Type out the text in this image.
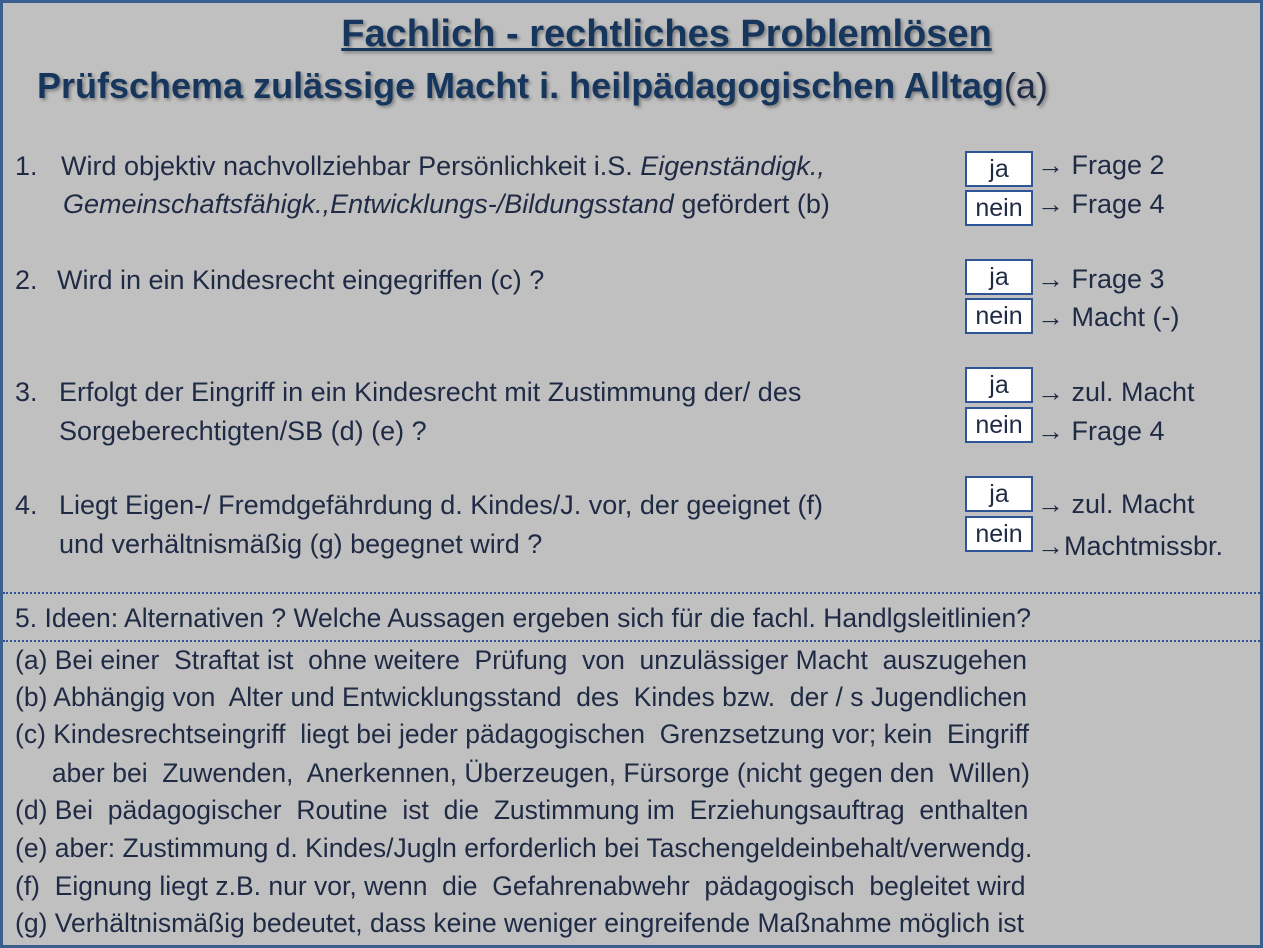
Fachlich - rechtliches Problemlösen
Prüfschema zulässige Macht i. heilpädagogischen Alltag(a)
1. Wird objektiv nachvollziehbar Persönlichkeit i.S. Eigenständigk.,
Gemeinschaftsfähigk.,Entwicklungs-/Bildungsstand gefördert (b)
ja
nein
→ Frage 2
→ Frage 4
2. Wird in ein Kindesrecht eingegriffen (c) ?	ja
nein
→ Frage 3
→ Macht (-)
3. Erfolgt der Eingriff in ein Kindesrecht mit Zustimmung der/ des
Sorgeberechtigten/SB (d) (e) ?
ja
nein
→ zul. Macht
→ Frage 4
4. Liegt Eigen-/ Fremdgefährdung d. Kindes/J. vor, der geeignet (f)
und verhältnismäßig (g) begegnet wird ?
ja
nein
→ zul. Macht
→Machtmissbr.
5. Ideen: Alternativen ? Welche Aussagen ergeben sich für die fachl. Handlgsleitlinien?
(a) Bei einer  Straftat ist  ohne weitere  Prüfung  von  unzulässiger Macht  auszugehen
(b) Abhängig von  Alter und Entwicklungsstand  des  Kindes bzw.  der / s Jugendlichen
(c) Kindesrechtseingriff  liegt bei jeder pädagogischen  Grenzsetzung vor; kein  Eingriff
aber bei  Zuwenden,  Anerkennen, Überzeugen, Fürsorge (nicht gegen den  Willen)
(d) Bei  pädagogischer  Routine  ist  die  Zustimmung im  Erziehungsauftrag  enthalten
(e) aber: Zustimmung d. Kindes/Jugln erforderlich bei Taschengeldeinbehalt/verwendg.
(f)  Eignung liegt z.B. nur vor, wenn  die  Gefahrenabwehr  pädagogisch  begleitet wird
(g) Verhältnismäßig bedeutet, dass keine weniger eingreifende Maßnahme möglich ist
